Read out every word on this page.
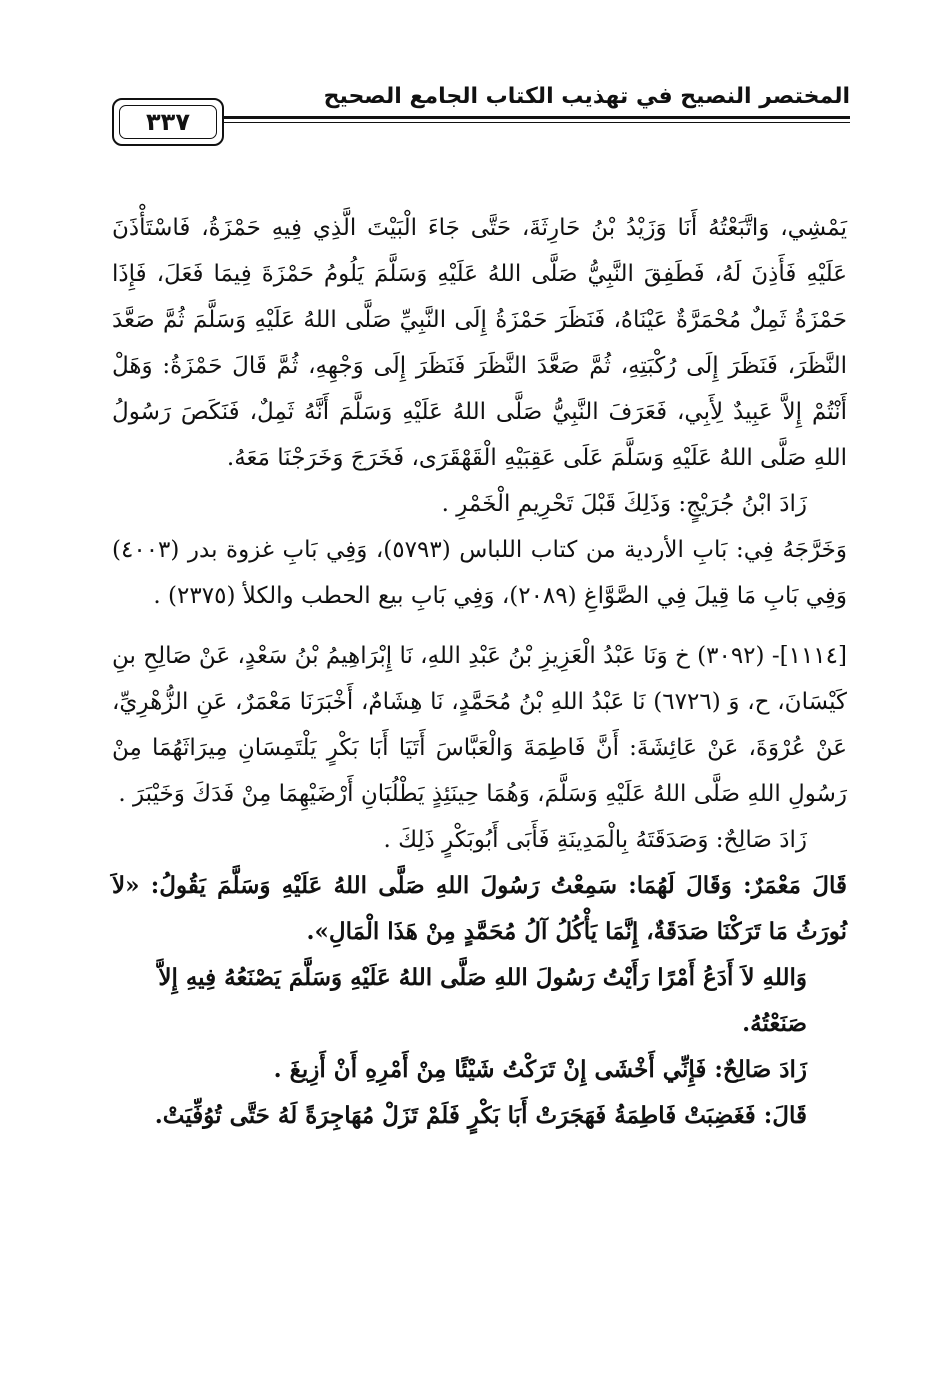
٣٣٧
المختصر النصيح في تهذيب الكتاب الجامع الصحيح

يَمْشِي، وَاتَّبَعْتُهُ أَنَا وَزَيْدُ بْنُ حَارِثَةَ، حَتَّى جَاءَ الْبَيْتَ الَّذِي فِيهِ حَمْزَةُ، فَاسْتَأْذَنَ عَلَيْهِ فَأَذِنَ لَهُ، فَطَفِقَ النَّبِيُّ صَلَّى اللهُ عَلَيْهِ وَسَلَّمَ يَلُومُ حَمْزَةَ فِيمَا فَعَلَ، فَإِذَا حَمْزَةُ ثَمِلٌ مُحْمَرَّةٌ عَيْنَاهُ، فَنَظَرَ حَمْزَةُ إِلَى النَّبِيِّ صَلَّى اللهُ عَلَيْهِ وَسَلَّمَ ثُمَّ صَعَّدَ النَّظَرَ، فَنَظَرَ إِلَى رُكْبَتِهِ، ثُمَّ صَعَّدَ النَّظَرَ فَنَظَرَ إِلَى وَجْهِهِ، ثُمَّ قَالَ حَمْزَةُ: وَهَلْ أَنْتُمْ إِلاَّ عَبِيدٌ لِأَبِي، فَعَرَفَ النَّبِيُّ صَلَّى اللهُ عَلَيْهِ وَسَلَّمَ أَنَّهُ ثَمِلٌ، فَنَكَصَ رَسُولُ اللهِ صَلَّى اللهُ عَلَيْهِ وَسَلَّمَ عَلَى عَقِبَيْهِ الْقَهْقَرَى، فَخَرَجَ وَخَرَجْنَا مَعَهُ.

زَادَ ابْنُ جُرَيْجٍ: وَذَلِكَ قَبْلَ تَحْرِيمِ الْخَمْرِ .

وَخَرَّجَهُ فِي: بَابِ الأردية من كتاب اللباس (٥٧٩٣)، وَفِي بَابِ غزوة بدر (٤٠٠٣) وَفِي بَابِ مَا قِيلَ فِي الصَّوَّاغِ (٢٠٨٩)، وَفِي بَابِ بيع الحطب والكلأ (٢٣٧٥) .

[١١١٤]- (٣٠٩٢) خ وَنَا عَبْدُ الْعَزِيزِ بْنُ عَبْدِ اللهِ، نَا إِبْرَاهِيمُ بْنُ سَعْدٍ، عَنْ صَالِحِ بنِ كَيْسَانَ، ح، وَ (٦٧٢٦) نَا عَبْدُ اللهِ بْنُ مُحَمَّدٍ، نَا هِشَامٌ، أَخْبَرَنَا مَعْمَرٌ، عَنِ الزُّهْرِيِّ، عَنْ عُرْوَةَ، عَنْ عَائِشَةَ: أَنَّ فَاطِمَةَ وَالْعَبَّاسَ أَتَيَا أَبَا بَكْرٍ يَلْتَمِسَانِ مِيرَاثَهُمَا مِنْ رَسُولِ اللهِ صَلَّى اللهُ عَلَيْهِ وَسَلَّمَ، وَهُمَا حِينَئِذٍ يَطْلُبَانِ أَرْضَيْهِمَا مِنْ فَدَكَ وَخَيْبَرَ .

زَادَ صَالِحٌ: وَصَدَقَتَهُ بِالْمَدِينَةِ فَأَبَى أَبُوبَكْرٍ ذَلِكَ .

قَالَ مَعْمَرٌ: وَقَالَ لَهُمَا: سَمِعْتُ رَسُولَ اللهِ صَلَّى اللهُ عَلَيْهِ وَسَلَّمَ يَقُولُ: «لاَ نُورَثُ مَا تَرَكْنَا صَدَقَةٌ، إِنَّمَا يَأْكُلُ آلُ مُحَمَّدٍ مِنْ هَذَا الْمَالِ».

وَاللهِ لاَ أَدَعُ أَمْرًا رَأَيْتُ رَسُولَ اللهِ صَلَّى اللهُ عَلَيْهِ وَسَلَّمَ يَصْنَعُهُ فِيهِ إِلاَّ صَنَعْتُهُ.

زَادَ صَالِحٌ: فَإِنِّي أَخْشَى إِنْ تَرَكْتُ شَيْئًا مِنْ أَمْرِهِ أَنْ أَزِيغَ .

قَالَ: فَغَضِبَتْ فَاطِمَةُ فَهَجَرَتْ أَبَا بَكْرٍ فَلَمْ تَزَلْ مُهَاجِرَةً لَهُ حَتَّى تُوُفِّيَتْ.
